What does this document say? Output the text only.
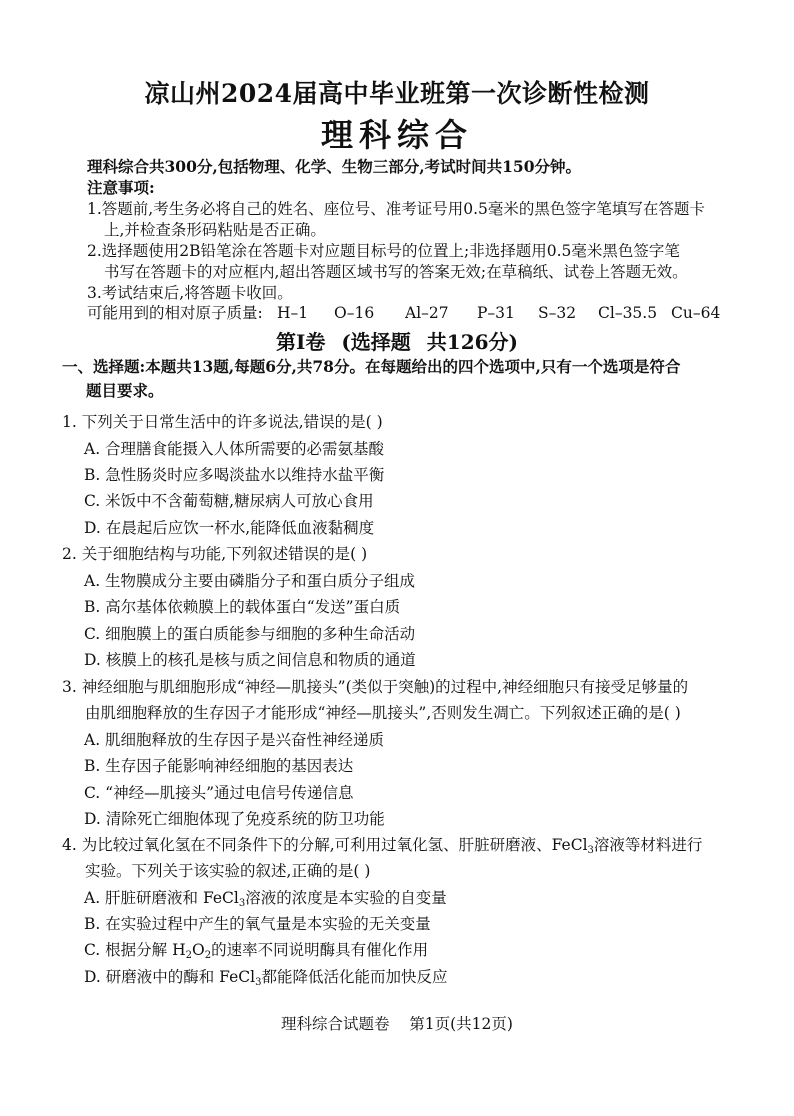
凉山州2024届高中毕业班第一次诊断性检测
理科综合
理科综合共300分,包括物理、化学、生物三部分,考试时间共150分钟。
注意事项:
1.答题前,考生务必将自己的姓名、座位号、准考证号用0.5毫米的黑色签字笔填写在答题卡
上,并检查条形码粘贴是否正确。
2.选择题使用2B铅笔涂在答题卡对应题目标号的位置上;非选择题用0.5毫米黑色签字笔
书写在答题卡的对应框内,超出答题区域书写的答案无效;在草稿纸、试卷上答题无效。
3.考试结束后,将答题卡收回。
可能用到的相对原子质量: H–1 O–16 Al–27 P–31 S–32 Cl–35.5 Cu–64
第Ⅰ卷 (选择题 共126分)
一、选择题:本题共13题,每题6分,共78分。在每题给出的四个选项中,只有一个选项是符合
题目要求。
1. 下列关于日常生活中的许多说法,错误的是( )
A. 合理膳食能摄入人体所需要的必需氨基酸
B. 急性肠炎时应多喝淡盐水以维持水盐平衡
C. 米饭中不含葡萄糖,糖尿病人可放心食用
D. 在晨起后应饮一杯水,能降低血液黏稠度
2. 关于细胞结构与功能,下列叙述错误的是( )
A. 生物膜成分主要由磷脂分子和蛋白质分子组成
B. 高尔基体依赖膜上的载体蛋白“发送”蛋白质
C. 细胞膜上的蛋白质能参与细胞的多种生命活动
D. 核膜上的核孔是核与质之间信息和物质的通道
3. 神经细胞与肌细胞形成“神经—肌接头”(类似于突触)的过程中,神经细胞只有接受足够量的
由肌细胞释放的生存因子才能形成“神经—肌接头”,否则发生凋亡。下列叙述正确的是( )
A. 肌细胞释放的生存因子是兴奋性神经递质
B. 生存因子能影响神经细胞的基因表达
C. “神经—肌接头”通过电信号传递信息
D. 清除死亡细胞体现了免疫系统的防卫功能
4. 为比较过氧化氢在不同条件下的分解,可利用过氧化氢、肝脏研磨液、FeCl$_3$溶液等材料进行
实验。下列关于该实验的叙述,正确的是( )
A. 肝脏研磨液和 FeCl$_3$溶液的浓度是本实验的自变量
B. 在实验过程中产生的氧气量是本实验的无关变量
C. 根据分解 $H_2O_2$的速率不同说明酶具有催化作用
D. 研磨液中的酶和 FeCl$_3$都能降低活化能而加快反应
理科综合试题卷    第1页(共12页)
